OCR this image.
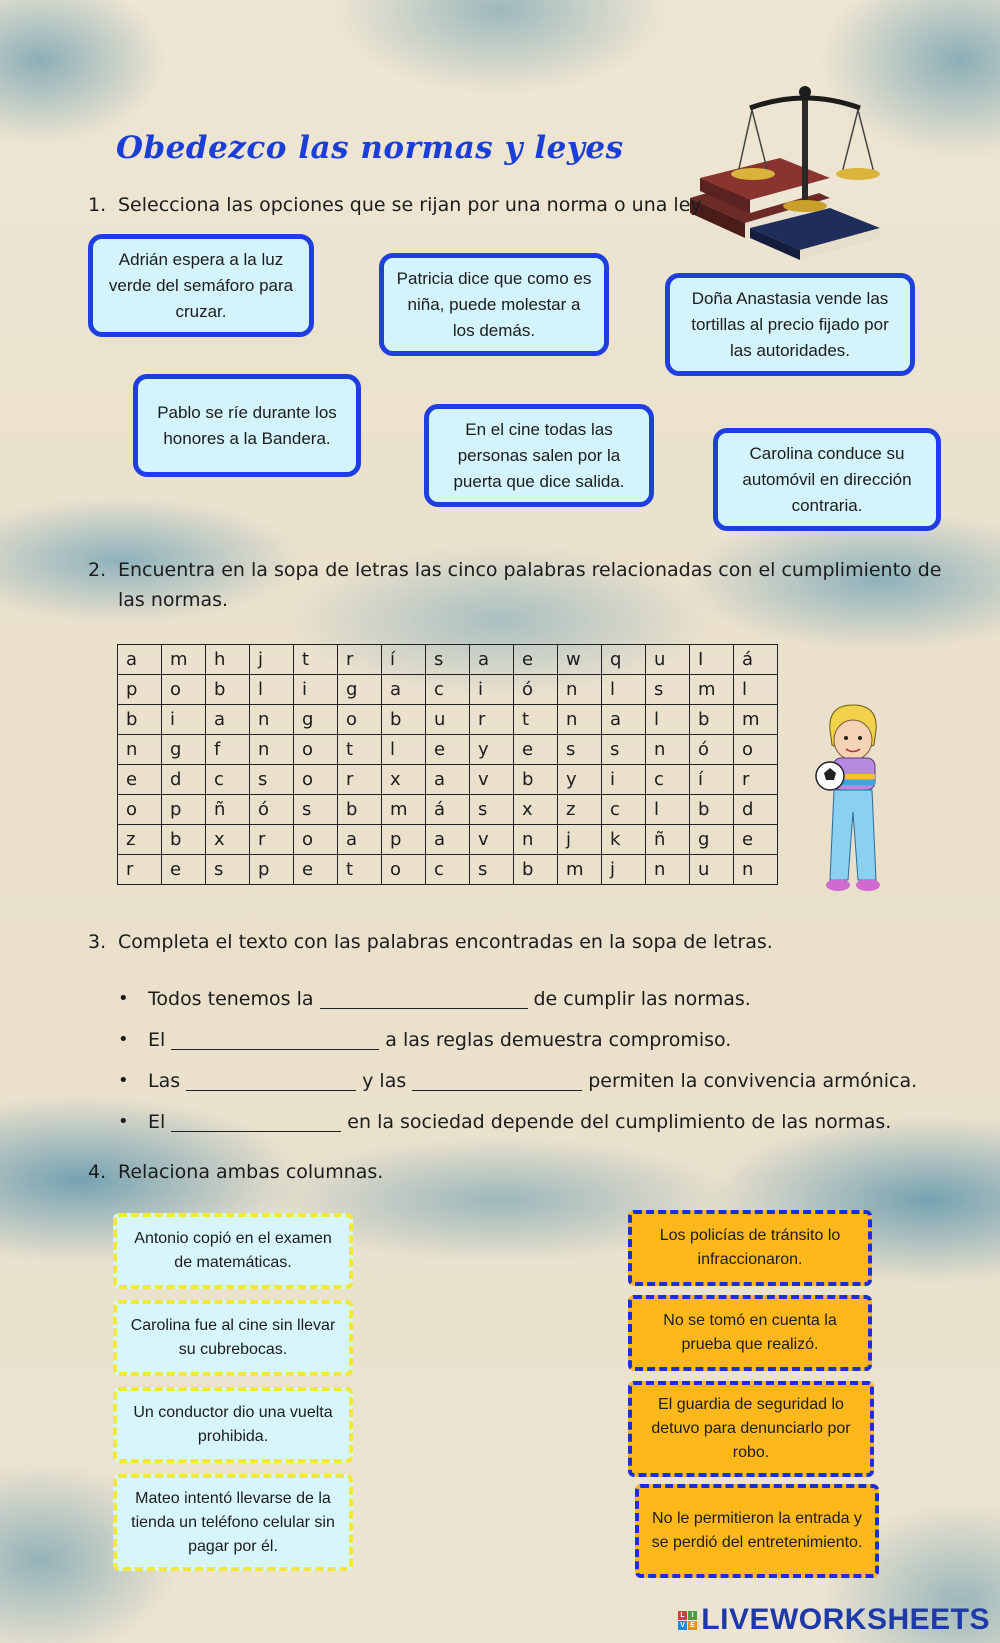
Obedezco las normas y leyes
1. Selecciona las opciones que se rijan por una norma o una ley.
Adrián espera a la luz verde del semáforo para cruzar.
Patricia dice que como es niña, puede molestar a los demás.
Doña Anastasia vende las tortillas al precio fijado por las autoridades.
Pablo se ríe durante los honores a la Bandera.	En el cine todas las personas salen por la puerta que dice salida.
Carolina conduce su automóvil en dirección contraria.
2. Encuentra en la sopa de letras las cinco palabras relacionadas con el cumplimiento de las normas.
a	m	h	j	t	r	í	s	a	e	w	q	u	I	á
p	o	b	l	i	g	a	c	i	ó	n	l	s	m	l
b	i	a	n	g	o	b	u	r	t	n	a	l	b	m
n	g	f	n	o	t	l	e	y	e	s	s	n	ó	o
e	d	c	s	o	r	x	a	v	b	y	i	c	í	r
o	p	ñ	ó	s	b	m	á	s	x	z	c	l	b	d
z	b	x	r	o	a	p	a	v	n	j	k	ñ	g	e
r	e	s	p	e	t	o	c	s	b	m	j	n	u	n
3. Completa el texto con las palabras encontradas en la sopa de letras.
•	Todos tenemos la	de cumplir las normas.
•	El	a las reglas demuestra compromiso.
•	Las	y las	permiten la convivencia armónica.
•	El	en la sociedad depende del cumplimiento de las normas.
4. Relaciona ambas columnas.
Antonio copió en el examen de matemáticas.
Carolina fue al cine sin llevar su cubrebocas.
Un conductor dio una vuelta prohibida.
Mateo intentó llevarse de la tienda un teléfono celular sin pagar por él.
Los policías de tránsito lo infraccionaron.
No se tomó en cuenta la prueba que realizó.
El guardia de seguridad lo detuvo para denunciarlo por robo.
No le permitieron la entrada y se perdió del entretenimiento.
L I
V E LIVEWORKSHEETS
